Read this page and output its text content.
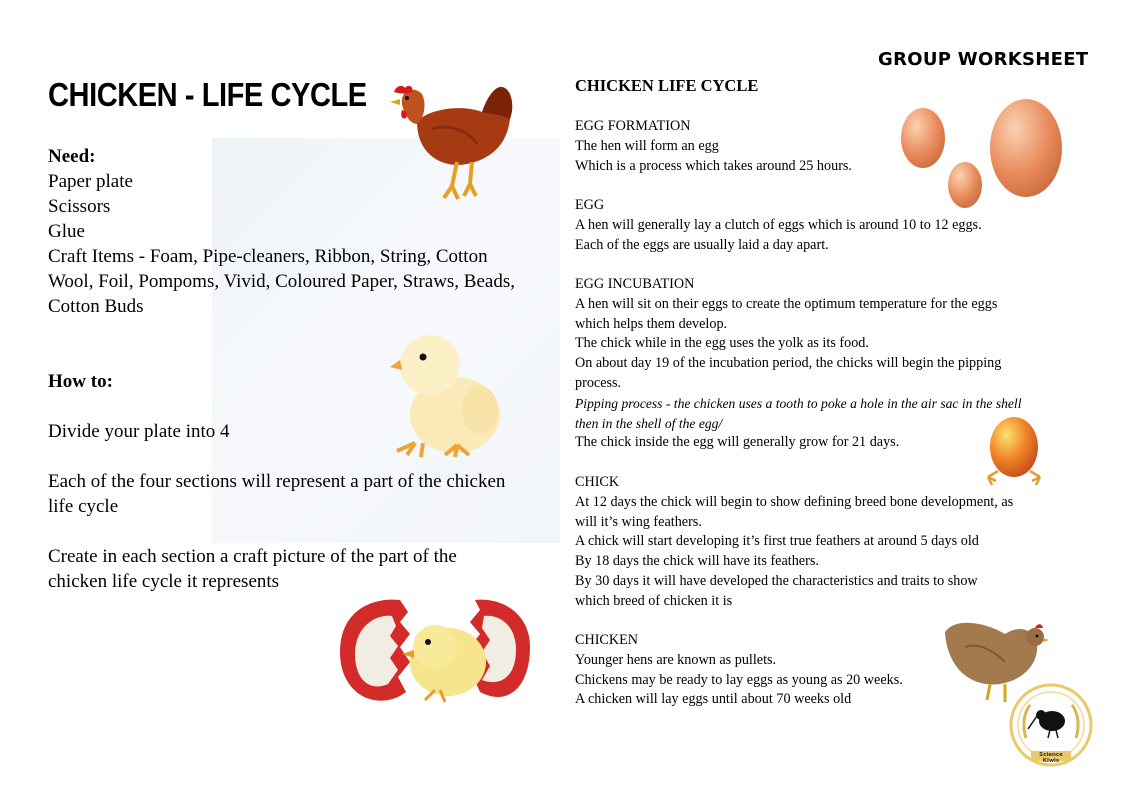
GROUP WORKSHEET
CHICKEN - LIFE CYCLE
Science Kiwis
Need:
Paper plate
Scissors
Glue
Craft Items - Foam, Pipe-cleaners, Ribbon, String, Cotton
Wool, Foil, Pompoms, Vivid, Coloured Paper, Straws, Beads,
Cotton Buds
How to:
Divide your plate into 4
Each of the four sections will represent a part of the chicken
life cycle
Create in each section a craft picture of the part of the
chicken life cycle it represents
CHICKEN LIFE CYCLE
EGG FORMATION
The hen will form an egg
Which is a process which takes around 25 hours.
EGG
A hen will generally lay a clutch of eggs which is around 10 to 12 eggs.
Each of the eggs are usually laid a day apart.
EGG INCUBATION
A hen will sit on their eggs to create the optimum temperature for the eggs
which helps them develop.
The chick while in the egg uses the yolk as its food.
On about day 19 of the incubation period, the chicks will begin the pipping
process.
Pipping process - the chicken uses a tooth to poke a hole in the air sac in the shell
then in the shell of the egg/
The chick inside the egg will generally grow for 21 days.
CHICK
At 12 days the chick will begin to show defining breed bone development, as
will it’s wing feathers.
A chick will start developing it’s first true feathers at around 5 days old
By 18 days the chick will have its feathers.
By 30 days it will have developed the characteristics and traits to show
which breed of chicken it is
CHICKEN
Younger hens are known as pullets.
Chickens may be ready to lay eggs as young as 20 weeks.
A chicken will lay eggs until about 70 weeks old
